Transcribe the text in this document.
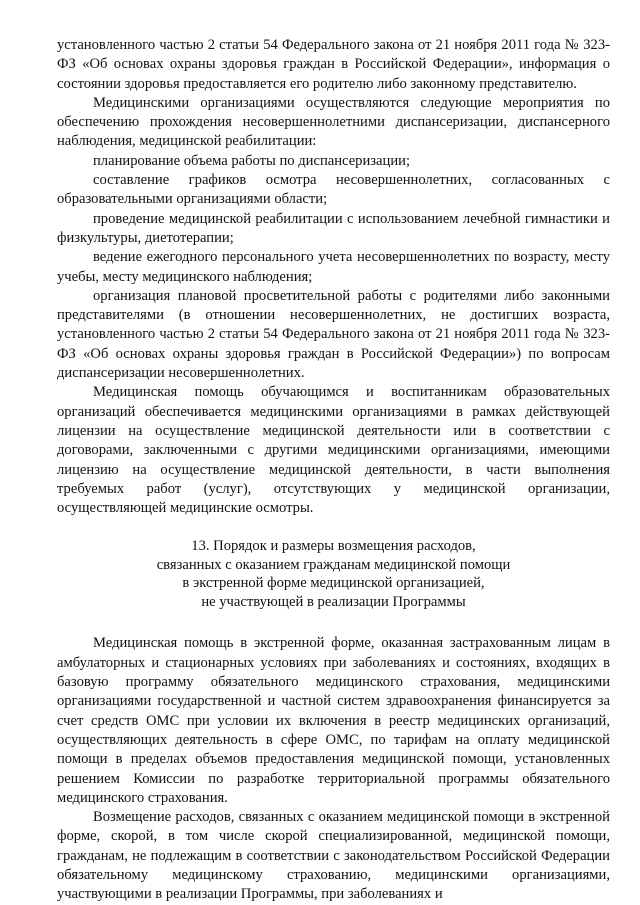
установленного частью 2 статьи 54 Федерального закона от 21 ноября 2011 года № 323-ФЗ «Об основах охраны здоровья граждан в Российской Федерации», информация о состоянии здоровья предоставляется его родителю либо законному представителю.

Медицинскими организациями осуществляются следующие мероприятия по обеспечению прохождения несовершеннолетними диспансеризации, диспансерного наблюдения, медицинской реабилитации:

планирование объема работы по диспансеризации;

составление графиков осмотра несовершеннолетних, согласованных с образовательными организациями области;

проведение медицинской реабилитации с использованием лечебной гимнастики и физкультуры, диетотерапии;

ведение ежегодного персонального учета несовершеннолетних по возрасту, месту учебы, месту медицинского наблюдения;

организация плановой просветительной работы с родителями либо законными представителями (в отношении несовершеннолетних, не достигших возраста, установленного частью 2 статьи 54 Федерального закона от 21 ноября 2011 года № 323-ФЗ «Об основах охраны здоровья граждан в Российской Федерации») по вопросам диспансеризации несовершеннолетних.

Медицинская помощь обучающимся и воспитанникам образовательных организаций обеспечивается медицинскими организациями в рамках действующей лицензии на осуществление медицинской деятельности или в соответствии с договорами, заключенными с другими медицинскими организациями, имеющими лицензию на осуществление медицинской деятельности, в части выполнения требуемых работ (услуг), отсутствующих у медицинской организации, осуществляющей медицинские осмотры.

13. Порядок и размеры возмещения расходов,
связанных с оказанием гражданам медицинской помощи
в экстренной форме медицинской организацией,
не участвующей в реализации Программы

Медицинская помощь в экстренной форме, оказанная застрахованным лицам в амбулаторных и стационарных условиях при заболеваниях и состояниях, входящих в базовую программу обязательного медицинского страхования, медицинскими организациями государственной и частной систем здравоохранения финансируется за счет средств ОМС при условии их включения в реестр медицинских организаций, осуществляющих деятельность в сфере ОМС, по тарифам на оплату медицинской помощи в пределах объемов предоставления медицинской помощи, установленных решением Комиссии по разработке территориальной программы обязательного медицинского страхования.

Возмещение расходов, связанных с оказанием медицинской помощи в экстренной форме, скорой, в том числе скорой специализированной, медицинской помощи, гражданам, не подлежащим в соответствии с законодательством Российской Федерации обязательному медицинскому страхованию, медицинскими организациями, участвующими в реализации Программы, при заболеваниях и
